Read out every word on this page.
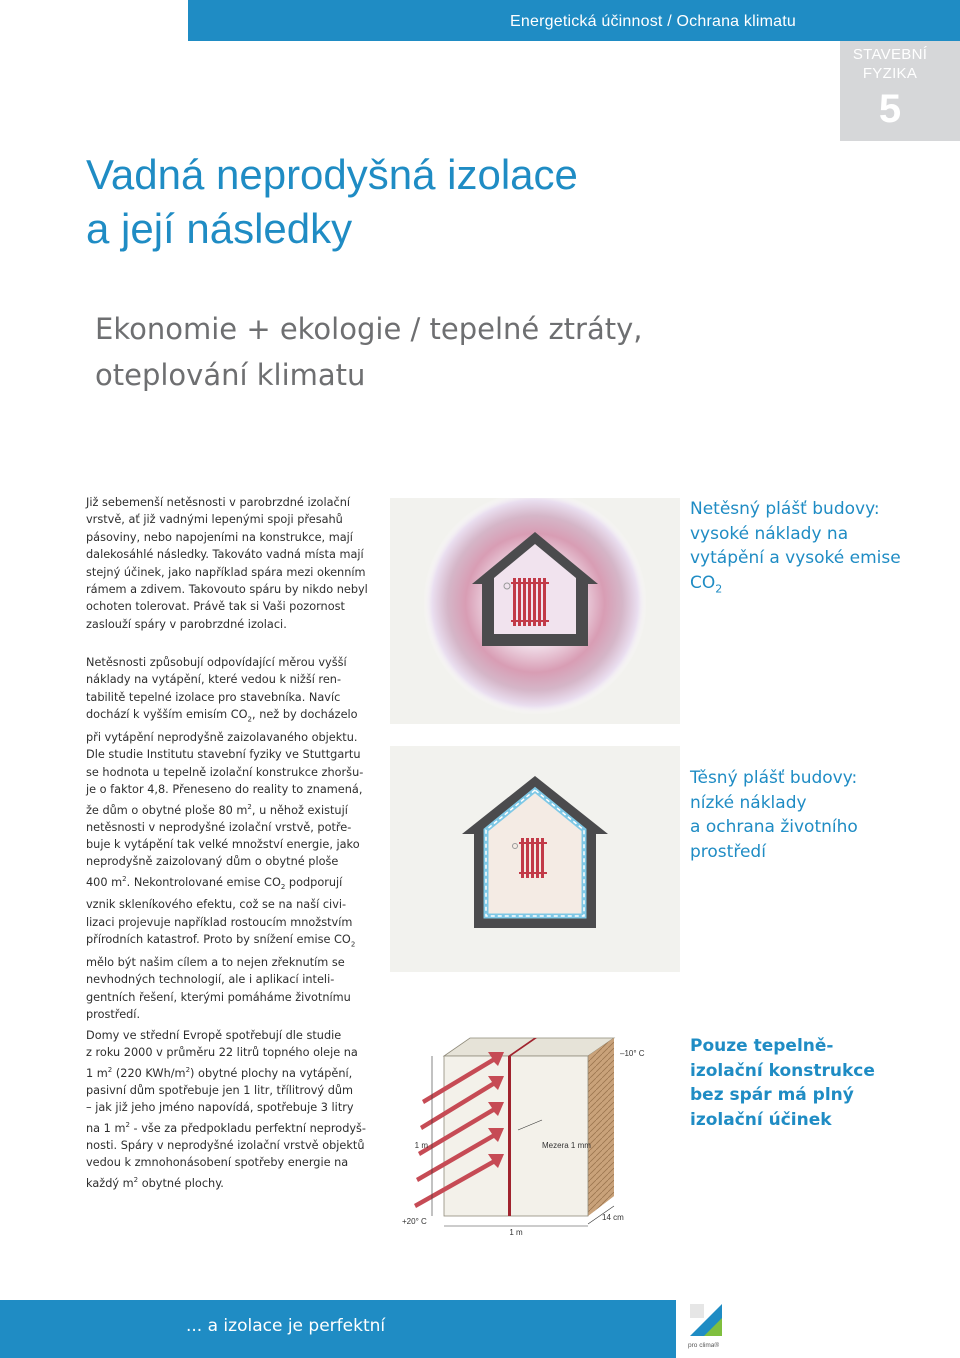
Energetická účinnost / Ochrana klimatu
STAVEBNÍ
FYZIKA
5
Vadná neprodyšná izolace
a její následky
Ekonomie + ekologie / tepelné ztráty,
oteplování klimatu
Již sebemenší netěsnosti v parobrzdné izolační
vrstvě, ať již vadnými lepenými spoji přesahů
pásoviny, nebo napojeními na konstrukce, mají
dalekosáhlé následky. Takováto vadná místa mají
stejný účinek, jako například spára mezi okenním
rámem a zdivem. Takovouto spáru by nikdo nebyl
ochoten tolerovat. Právě tak si Vaši pozornost
zaslouží spáry v parobrzdné izolaci.
Netěsnosti způsobují odpovídající měrou vyšší
náklady na vytápění, které vedou k nižší ren-
tabilitě tepelné izolace pro stavebníka. Navíc
dochází k vyšším emisím $CO_2$, než by docházelo
při vytápění neprodyšně zaizolavaného objektu.
Dle studie Institutu stavební fyziky ve Stuttgartu
se hodnota u tepelně izolační konstrukce zhoršu-
je o faktor 4,8. Přeneseno do reality to znamená,
že dům o obytné ploše 80 $m^2$, u něhož existují
netěsnosti v neprodyšné izolační vrstvě, potře-
buje k vytápění tak velké množství energie, jako
neprodyšně zaizolovaný dům o obytné ploše
400 $m^2$. Nekontrolované emise $CO_2$ podporují
vznik skleníkového efektu, což se na naší civi-
lizaci projevuje například rostoucím množstvím
přírodních katastrof. Proto by snížení emise $CO_2$
mělo být našim cílem a to nejen zřeknutím se
nevhodných technologií, ale i aplikací inteli-
gentních řešení, kterými pomáháme životnímu
prostředí.
Domy ve střední Evropě spotřebují dle studie
z roku 2000 v průměru 22 litrů topného oleje na
1 $m^2$ (220 KWh/$m^2$) obytné plochy na vytápění,
pasivní dům spotřebuje jen 1 litr, třílitrový dům
– jak již jeho jméno napovídá, spotřebuje 3 litry
na 1 $m^2$ - vše za předpokladu perfektní neprodyš-
nosti. Spáry v neprodyšné izolační vrstvě objektů
vedou k zmnohonásobení spotřeby energie na
každý $m^2$ obytné plochy.
Netěsný plášť budovy:
vysoké náklady na
vytápění a vysoké emise
$CO_2$
Těsný plášť budovy:
nízké náklady
a ochrana životního
prostředí
Pouze tepelně-
izolační konstrukce
bez spár má plný
izolační účinek
1 m
1 m
14 cm
Mezera 1 mm
–10° C
+20° C
... a izolace je perfektní
pro clima®
